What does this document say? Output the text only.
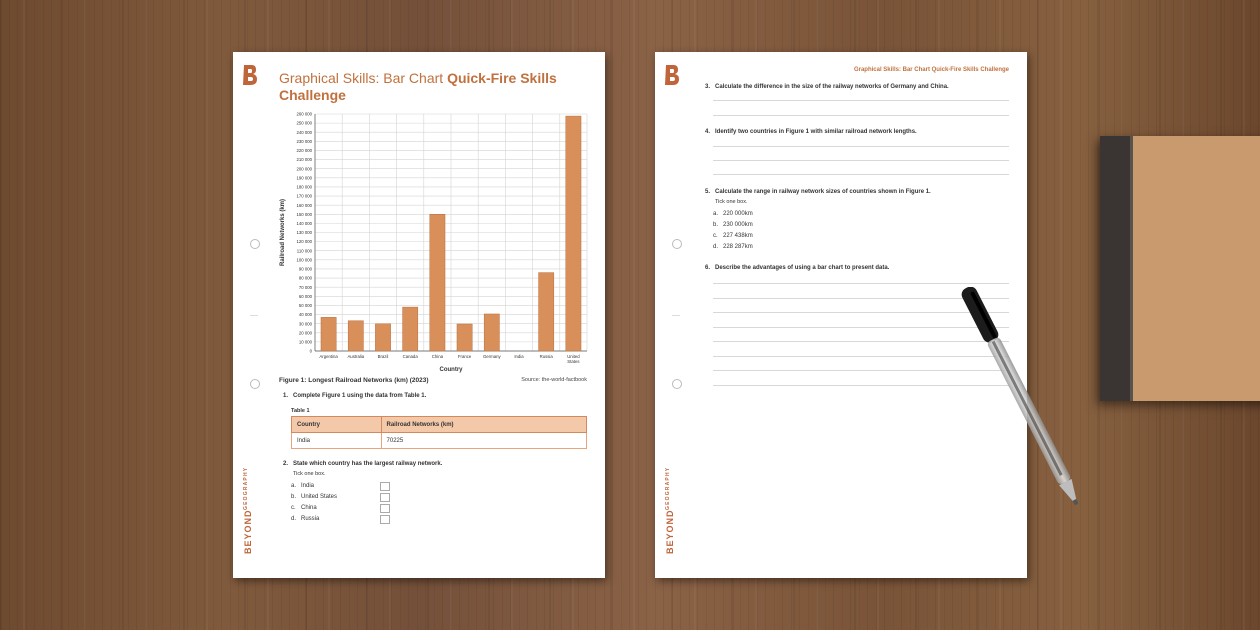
BEYOND
GEOGRAPHY
Graphical Skills: Bar Chart Quick-Fire Skills Challenge
0
10 000
20 000
30 000
40 000
50 000
60 000
70 000
80 000
90 000
100 000
110 000
120 000
130 000
140 000
150 000
160 000
170 000
180 000
190 000
200 000
210 000
220 000
230 000
240 000
250 000
260 000
Argentina Australia	Brazil	Canada	China	France	Germany	India	Russia	United
States
Country
Railroad Networks (km)
Figure 1: Longest Railroad Networks (km) (2023)	Source: the-world-factbook
1. Complete Figure 1 using the data from Table 1.
Table 1
Country	Railroad Networks (km)
India	70225
2. State which country has the largest railway network.
Tick one box.
a. India
b. United States
c. China
d. Russia	BEYOND
GEOGRAPHY
Graphical Skills: Bar Chart Quick-Fire Skills Challenge
3. Calculate the difference in the size of the railway networks of Germany and China.
4. Identify two countries in Figure 1 with similar railroad network lengths.
5. Calculate the range in railway network sizes of countries shown in Figure 1.
Tick one box.
a. 220 000km
b. 230 000km
c. 227 438km
d. 228 287km
6. Describe the advantages of using a bar chart to present data.
